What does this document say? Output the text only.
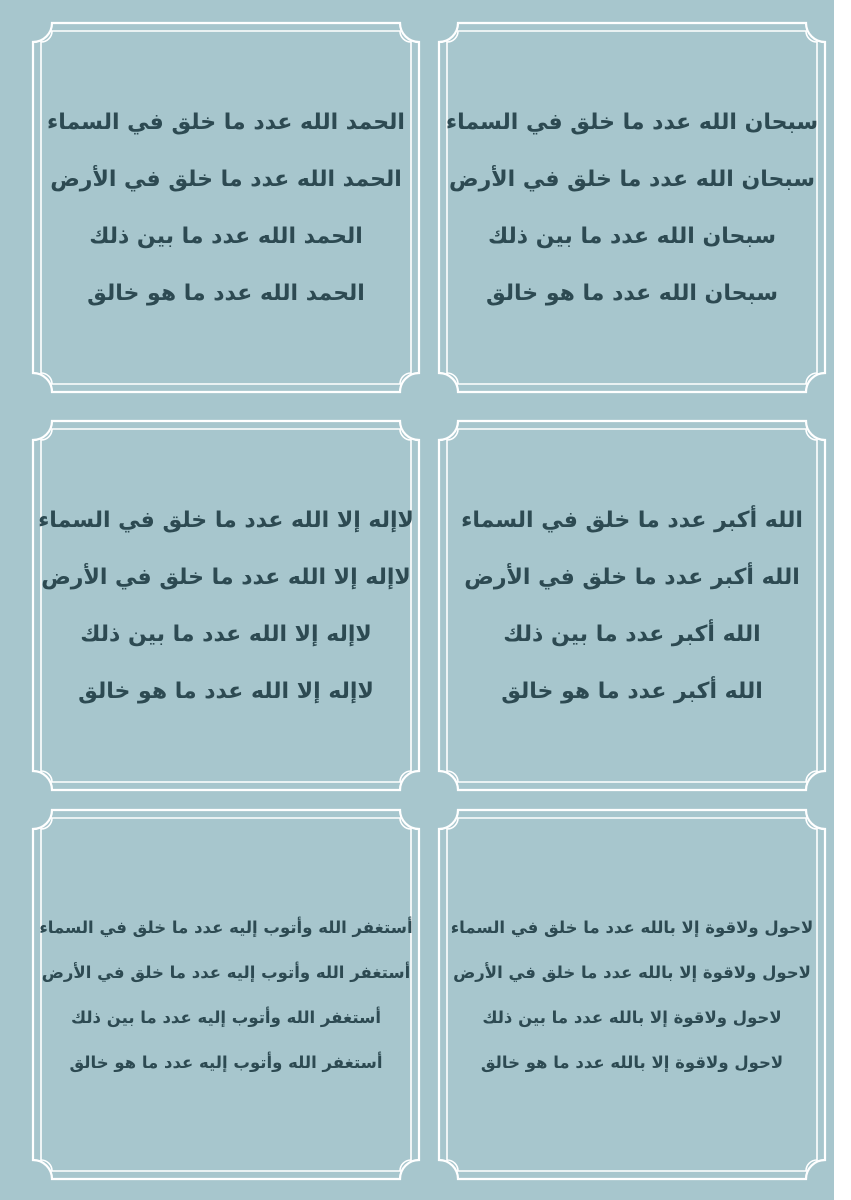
سبحان الله عدد ما خلق في السماء
سبحان الله عدد ما خلق في الأرض
سبحان الله عدد ما بين ذلك
سبحان الله عدد ما هو خالق
الحمد الله عدد ما خلق في السماء
الحمد الله عدد ما خلق في الأرض
الحمد الله عدد ما بين ذلك
الحمد الله عدد ما هو خالق
الله أكبر عدد ما خلق في السماء
الله أكبر عدد ما خلق في الأرض
الله أكبر عدد ما بين ذلك
الله أكبر عدد ما هو خالق
لاإله إلا الله عدد ما خلق في السماء
لاإله إلا الله عدد ما خلق في الأرض
لاإله إلا الله عدد ما بين ذلك
لاإله إلا الله عدد ما هو خالق
لاحول ولاقوة إلا بالله عدد ما خلق في السماء
لاحول ولاقوة إلا بالله عدد ما خلق في الأرض
لاحول ولاقوة إلا بالله عدد ما بين ذلك
لاحول ولاقوة إلا بالله عدد ما هو خالق
أستغفر الله وأتوب إليه عدد ما خلق في السماء
أستغفر الله وأتوب إليه عدد ما خلق في الأرض
أستغفر الله وأتوب إليه عدد ما بين ذلك
أستغفر الله وأتوب إليه عدد ما هو خالق
